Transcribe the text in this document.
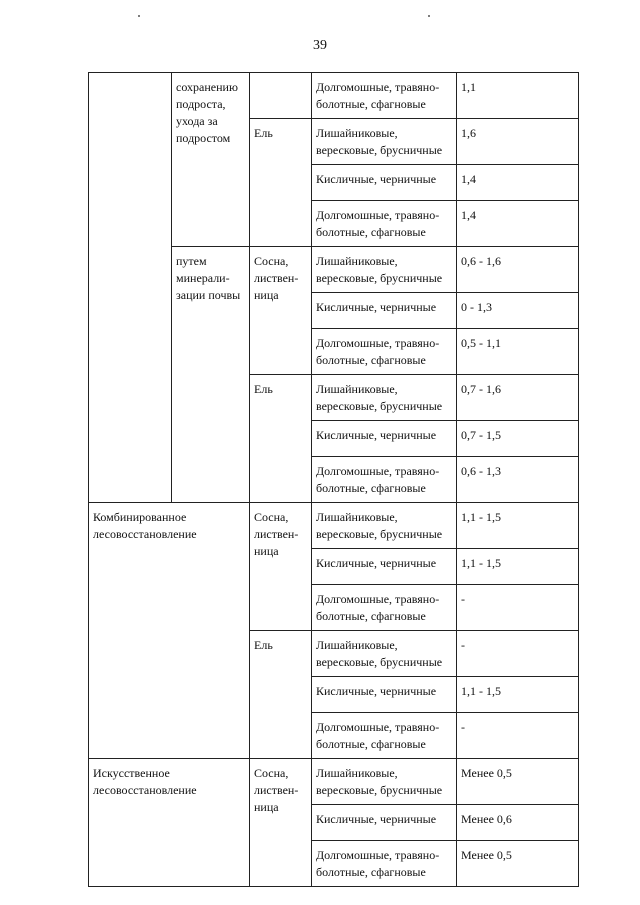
39
	сохранению подроста, ухода за подростом		Долгомошные, травяно-болотные, сфагновые	1,1
		Ель	Лишайниковые, вересковые, брусничные	1,6
			Кисличные, черничные	1,4
			Долгомошные, травяно-болотные, сфагновые	1,4
	путем минерали-зации почвы	Сосна, листвен-ница	Лишайниковые, вересковые, брусничные	0,6 - 1,6
			Кисличные, черничные	0 - 1,3
			Долгомошные, травяно-болотные, сфагновые	0,5 - 1,1
		Ель	Лишайниковые, вересковые, брусничные	0,7 - 1,6
			Кисличные, черничные	0,7 - 1,5
			Долгомошные, травяно-болотные, сфагновые	0,6 - 1,3
Комбинированное лесовосстановление		Сосна, листвен-ница	Лишайниковые, вересковые, брусничные	1,1 - 1,5
			Кисличные, черничные	1,1 - 1,5
			Долгомошные, травяно-болотные, сфагновые	-
		Ель	Лишайниковые, вересковые, брусничные	-
			Кисличные, черничные	1,1 - 1,5
			Долгомошные, травяно-болотные, сфагновые	-
Искусственное лесовосстановление		Сосна, листвен-ница	Лишайниковые, вересковые, брусничные	Менее 0,5
			Кисличные, черничные	Менее 0,6
			Долгомошные, травяно-болотные, сфагновые	Менее 0,5
